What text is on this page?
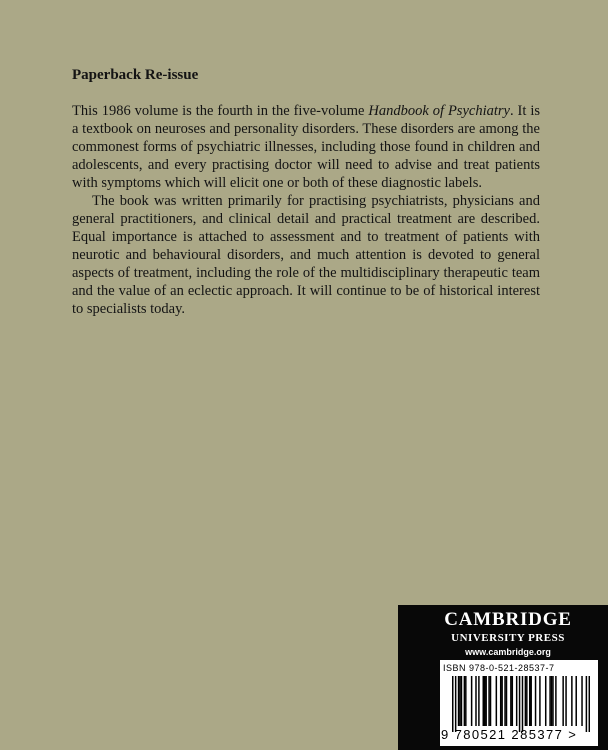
Paperback Re-issue

This 1986 volume is the fourth in the five-volume Handbook of Psychiatry. It is a textbook on neuroses and personality disorders. These disorders are among the commonest forms of psychiatric illnesses, including those found in children and adolescents, and every practising doctor will need to advise and treat patients with symptoms which will elicit one or both of these diagnostic labels.

The book was written primarily for practising psychiatrists, physicians and general practitioners, and clinical detail and practical treatment are described. Equal importance is attached to assessment and to treatment of patients with neurotic and behavioural disorders, and much attention is devoted to general aspects of treatment, including the role of the multidisciplinary therapeutic team and the value of an eclectic approach. It will continue to be of historical interest to specialists today.

CAMBRIDGE
UNIVERSITY PRESS
www.cambridge.org
ISBN 978-0-521-28537-7
9 780521 285377 >
